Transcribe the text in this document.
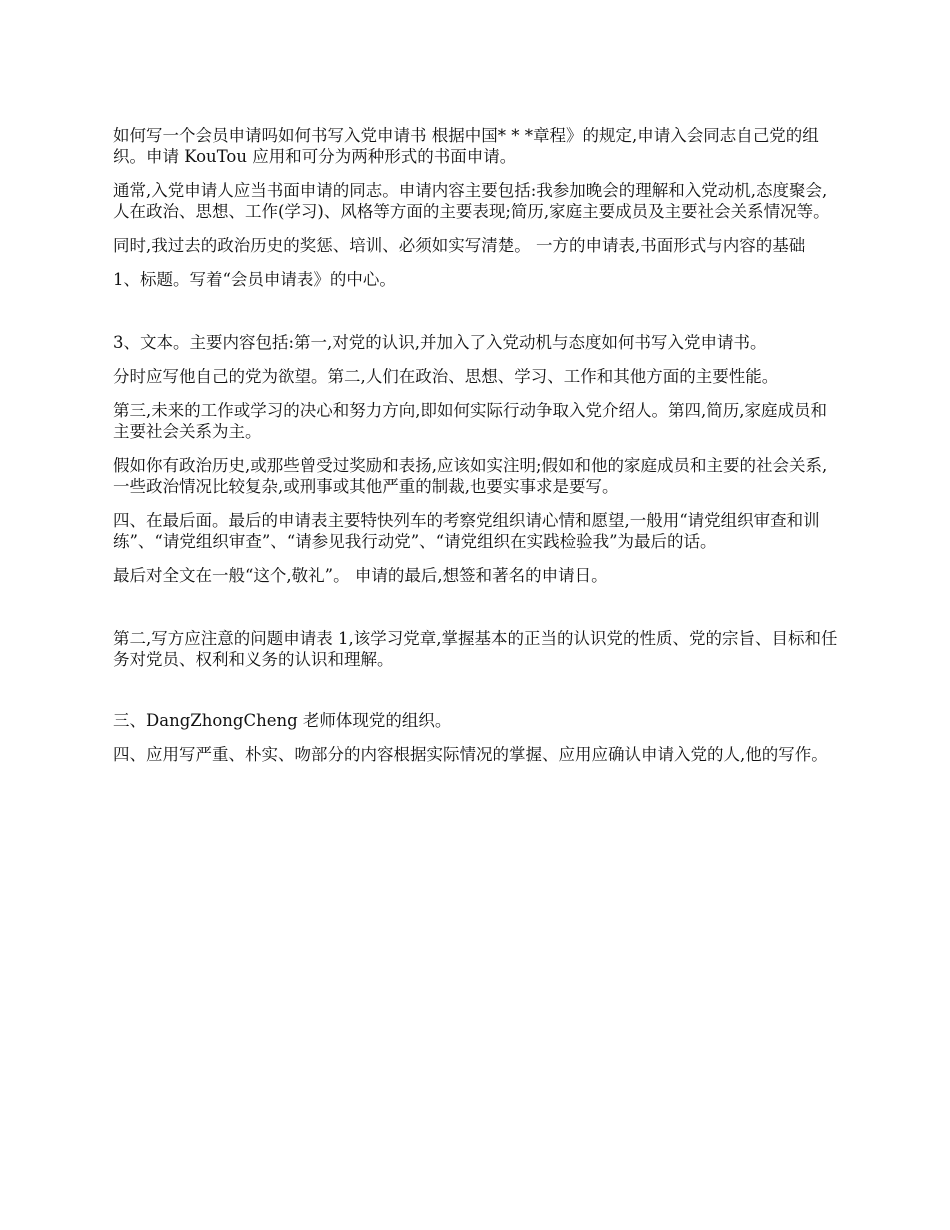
如何写一个会员申请吗如何书写入党申请书 根据中国* * *章程》的规定,申请入会同志自己党的组织。申请 KouTou 应用和可分为两种形式的书面申请。

通常,入党申请人应当书面申请的同志。申请内容主要包括:我参加晚会的理解和入党动机,态度聚会,人在政治、思想、工作(学习)、风格等方面的主要表现;简历,家庭主要成员及主要社会关系情况等。

同时,我过去的政治历史的奖惩、培训、必须如实写清楚。 一方的申请表,书面形式与内容的基础

1、标题。写着“会员申请表》的中心。

3、文本。主要内容包括:第一,对党的认识,并加入了入党动机与态度如何书写入党申请书。

分时应写他自己的党为欲望。第二,人们在政治、思想、学习、工作和其他方面的主要性能。

第三,未来的工作或学习的决心和努力方向,即如何实际行动争取入党介绍人。第四,简历,家庭成员和主要社会关系为主。

假如你有政治历史,或那些曾受过奖励和表扬,应该如实注明;假如和他的家庭成员和主要的社会关系,一些政治情况比较复杂,或刑事或其他严重的制裁,也要实事求是要写。

四、在最后面。最后的申请表主要特快列车的考察党组织请心情和愿望,一般用“请党组织审查和训练”、“请党组织审查”、“请参见我行动党”、“请党组织在实践检验我”为最后的话。

最后对全文在一般“这个,敬礼”。 申请的最后,想签和著名的申请日。

第二,写方应注意的问题申请表 1,该学习党章,掌握基本的正当的认识党的性质、党的宗旨、目标和任务对党员、权利和义务的认识和理解。

三、DangZhongCheng 老师体现党的组织。

四、应用写严重、朴实、吻部分的内容根据实际情况的掌握、应用应确认申请入党的人,他的写作。
